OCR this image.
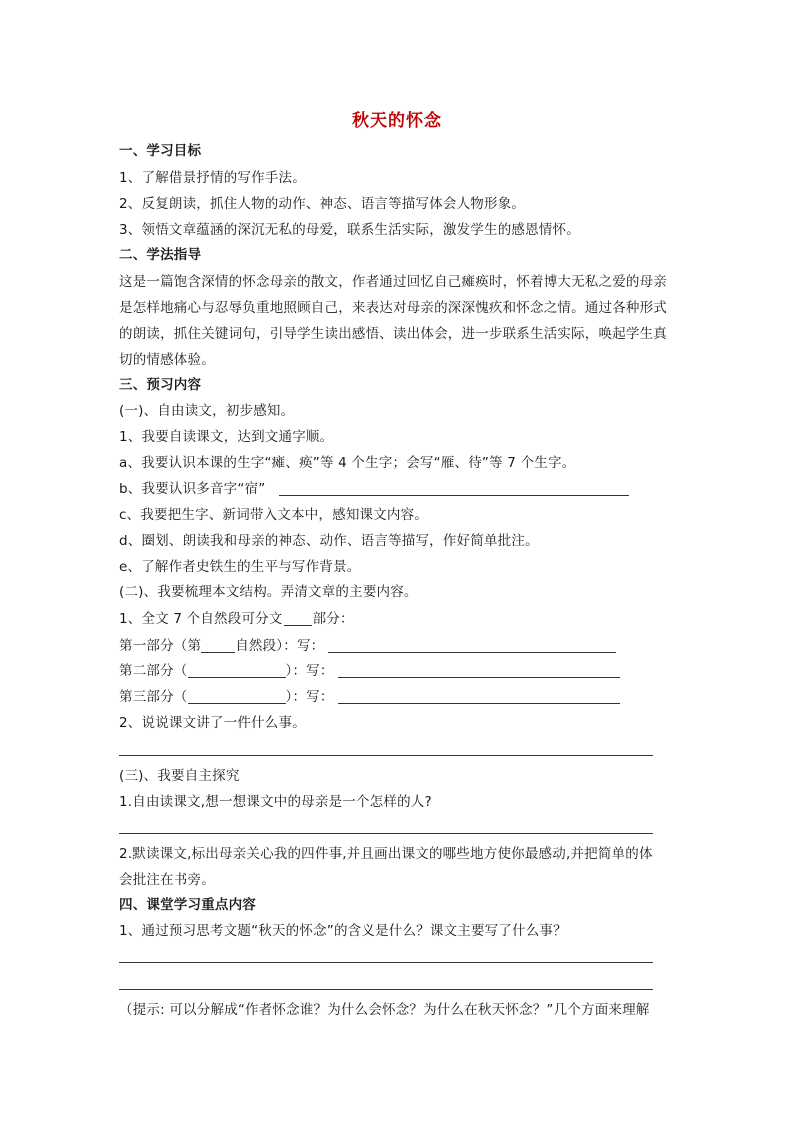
秋天的怀念
一、学习目标
1、了解借景抒情的写作手法。
2、反复朗读，抓住人物的动作、神态、语言等描写体会人物形象。
3、领悟文章蕴涵的深沉无私的母爱，联系生活实际，激发学生的感恩情怀。
二、学法指导
这是一篇饱含深情的怀念母亲的散文，作者通过回忆自己瘫痪时，怀着博大无私之爱的母亲
是怎样地痛心与忍辱负重地照顾自己，来表达对母亲的深深愧疚和怀念之情。通过各种形式
的朗读，抓住关键词句，引导学生读出感悟、读出体会，进一步联系生活实际，唤起学生真
切的情感体验。
三、预习内容
(一)、自由读文，初步感知。
1、我要自读课文，达到文通字顺。
a、我要认识本课的生字“瘫、痪”等 4 个生字；会写“雁、待”等 7 个生字。
b、我要认识多音字“宿”
c、我要把生字、新词带入文本中，感知课文内容。
d、圈划、朗读我和母亲的神态、动作、语言等描写，作好简单批注。
e、了解作者史铁生的生平与写作背景。
(二)、我要梳理本文结构。弄清文章的主要内容。
1、全文 7 个自然段可分文 部分：
第一部分（第	自然段）：写：
第二部分（	）：写：
第三部分（	）：写：
2、说说课文讲了一件什么事。
(三)、我要自主探究
1.自由读课文,想一想课文中的母亲是一个怎样的人?
2.默读课文,标出母亲关心我的四件事,并且画出课文的哪些地方使你最感动,并把简单的体
会批注在书旁。
四、课堂学习重点内容
1、通过预习思考文题“秋天的怀念”的含义是什么？课文主要写了什么事？
（提示: 可以分解成“作者怀念谁？为什么会怀念？为什么在秋天怀念？”几个方面来理解
